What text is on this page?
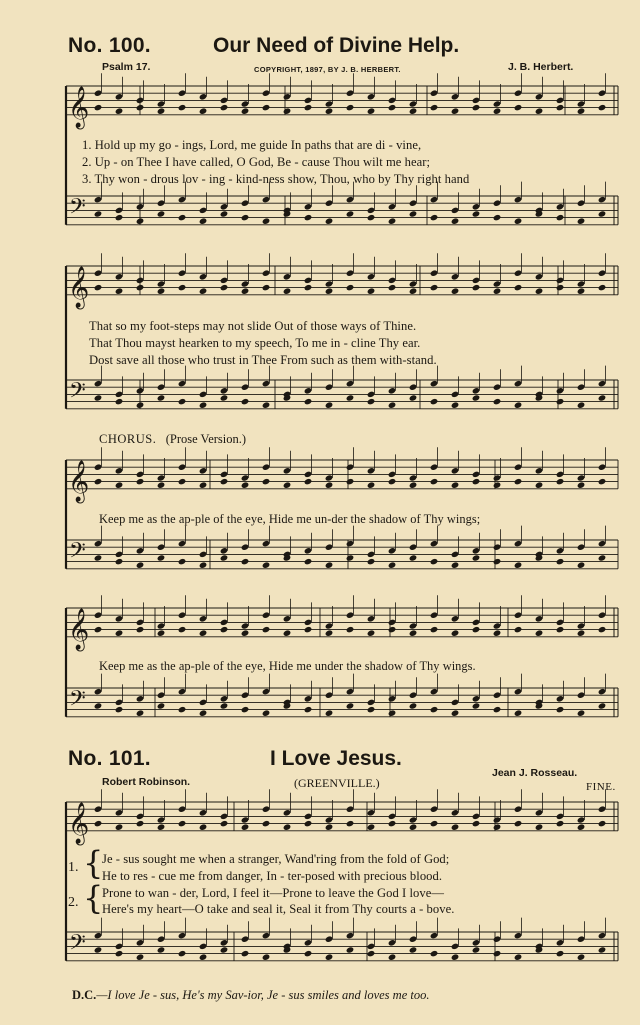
𝄞
𝄢
𝄞
𝄢
𝄞
𝄢
𝄞
𝄢
𝄞
𝄢
No. 100.	Our Need of Divine Help.
Psalm 17.	COPYRIGHT, 1897, BY J. B. HERBERT.	J. B. Herbert.
1. Hold up my go - ings, Lord, me guide In paths that are di - vine,
2. Up - on Thee I have called, O God, Be - cause Thou wilt me hear;
3. Thy won - drous lov - ing - kind-ness show, Thou, who by Thy right hand
That so my foot-steps may not slide Out of those ways of Thine.
That Thou mayst hearken to my speech, To me in - cline Thy ear.
Dost save all those who trust in Thee From such as them with-stand.
CHORUS. (Prose Version.)
Keep me as the ap-ple of the eye, Hide me un-der the shadow of Thy wings;
Keep me as the ap-ple of the eye, Hide me under the shadow of Thy wings.
No. 101.	I Love Jesus.
Robert Robinson.	(GREENVILLE.)
Jean J. Rosseau.
FINE.
1. {
Je - sus sought me when a stranger, Wand'ring from the fold of God;
He to res - cue me from danger, In - ter-posed with precious blood.
2. {
Prone to wan - der, Lord, I feel it—Prone to leave the God I love—
Here's my heart—O take and seal it, Seal it from Thy courts a - bove.
D.C.—I love Je - sus, He's my Sav-ior, Je - sus smiles and loves me too.
